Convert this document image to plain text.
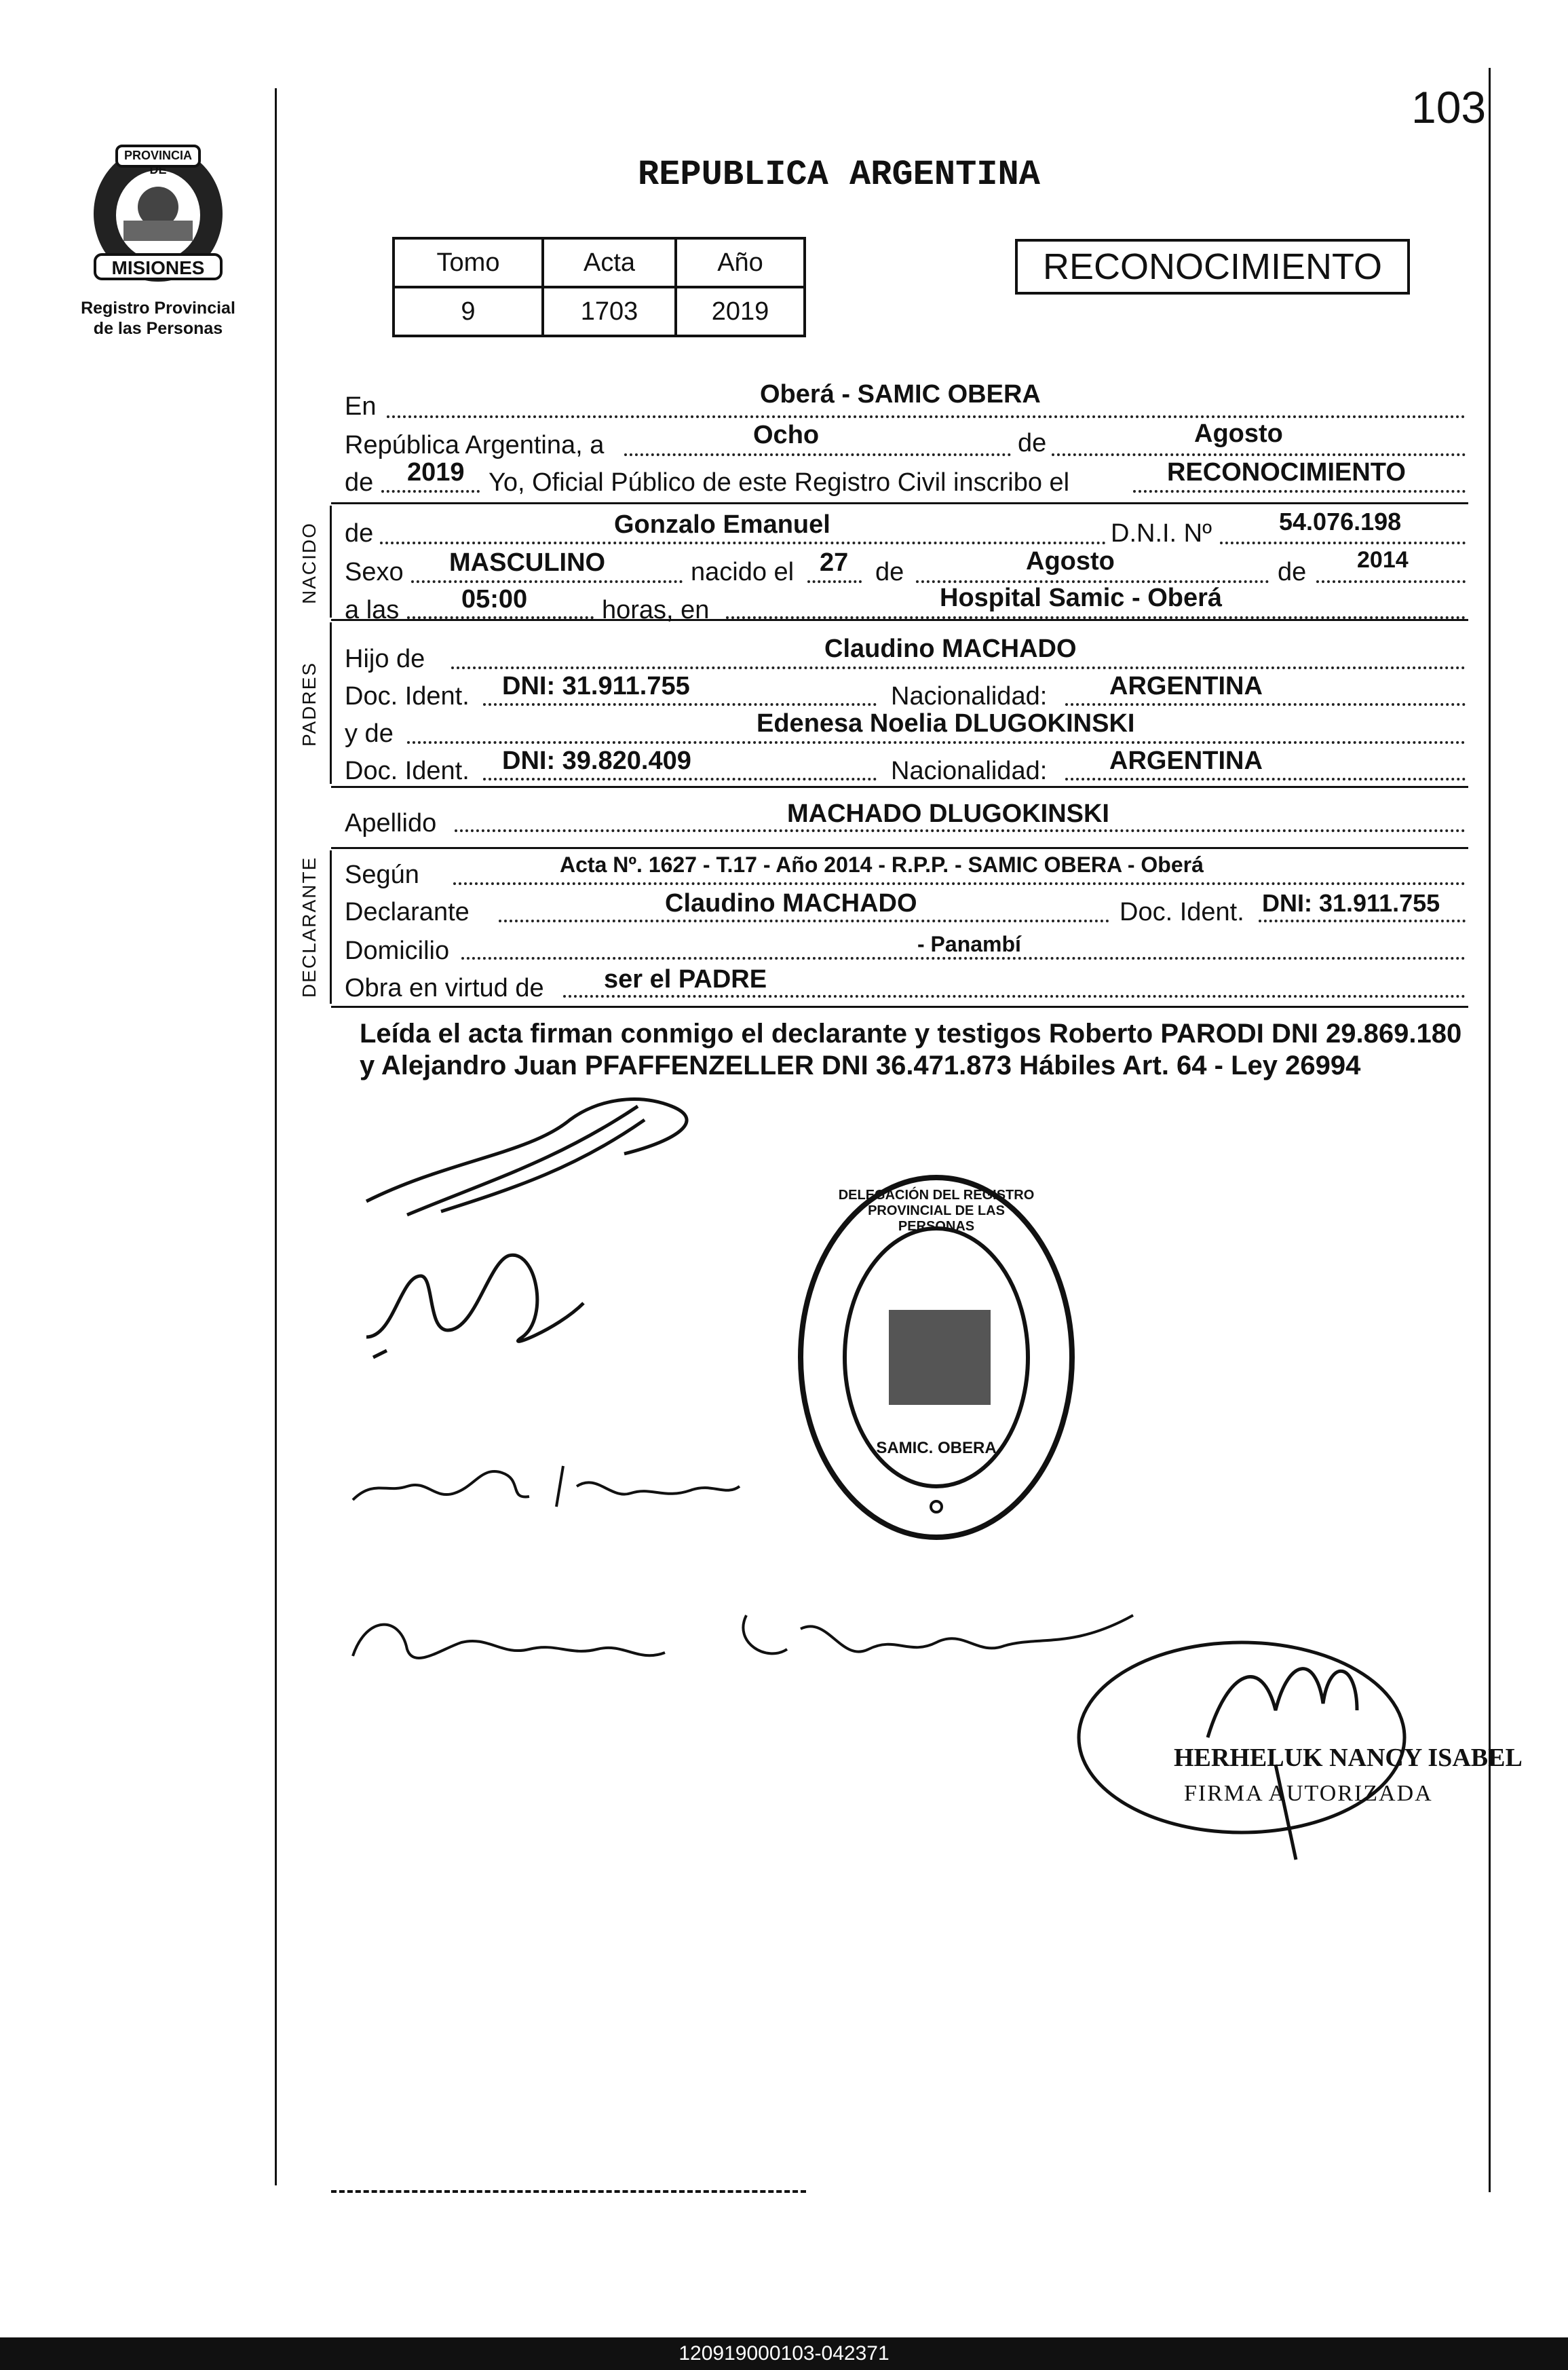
103
PROVINCIA DE
MISIONES
Registro Provincial
de las Personas
REPUBLICA ARGENTINA
Tomo	Acta	Año
9	1703	2019
RECONOCIMIENTO
NACIDO
PADRES
DECLARANTE
En	Oberá - SAMIC OBERA
República Argentina, a	Ocho	de	Agosto
de 2019 Yo, Oficial Público de este Registro Civil inscribo el	RECONOCIMIENTO
de	Gonzalo Emanuel	D.N.I. Nº	54.076.198
Sexo MASCULINO	nacido el 27 de	Agosto	de 2014
a las 05:00	horas, en	Hospital Samic - Oberá
Hijo de	Claudino MACHADO
Doc. Ident. DNI: 31.911.755	Nacionalidad: ARGENTINA
y de	Edenesa Noelia DLUGOKINSKI
Doc. Ident. DNI: 39.820.409	Nacionalidad: ARGENTINA
Apellido	MACHADO DLUGOKINSKI
Según	Acta Nº. 1627 - T.17 - Año 2014 - R.P.P. - SAMIC OBERA - Oberá
Declarante	Claudino MACHADO	Doc. Ident. DNI: 31.911.755
Domicilio	- Panambí
Obra en virtud de ser el PADRE
Leída el acta firman conmigo el declarante y testigos Roberto PARODI DNI 29.869.180 y Alejandro Juan PFAFFENZELLER DNI 36.471.873 Hábiles Art. 64 - Ley 26994
DELEGACIÓN DEL REGISTRO PROVINCIAL DE LAS PERSONAS
SAMIC. OBERA
HERHELUK NANCY ISABEL
FIRMA AUTORIZADA
120919000103-042371
